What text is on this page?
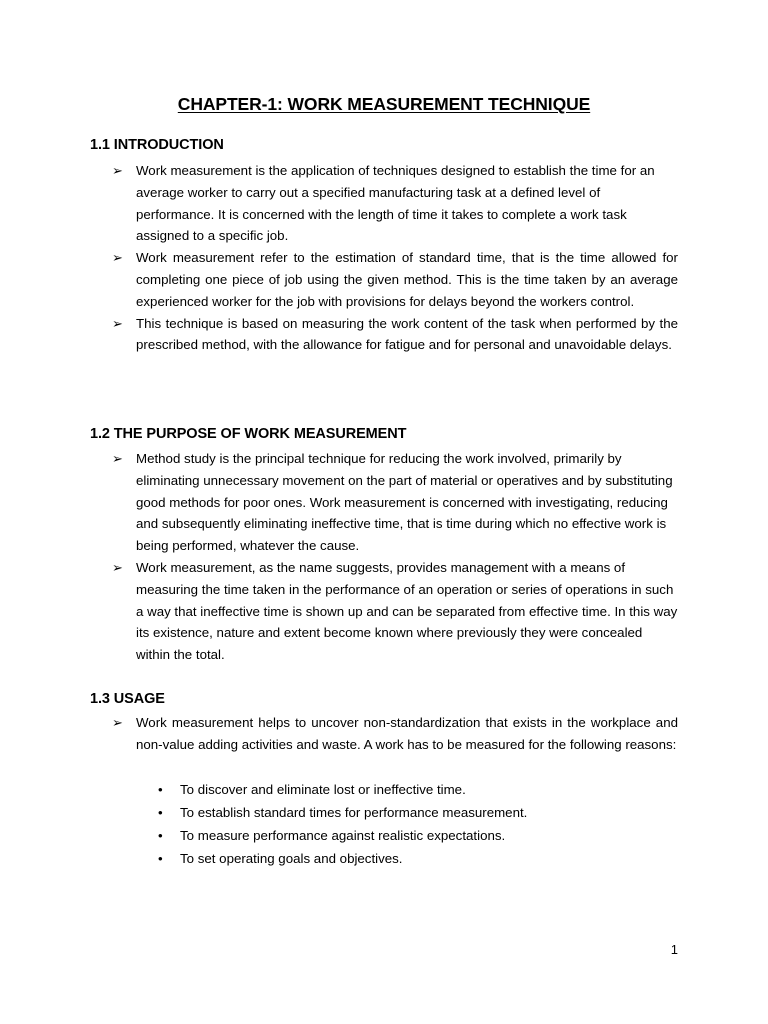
CHAPTER-1: WORK MEASUREMENT TECHNIQUE
1.1 INTRODUCTION
➢ Work measurement is the application of techniques designed to establish the time for an average worker to carry out a specified manufacturing task at a defined level of performance. It is concerned with the length of time it takes to complete a work task assigned to a specific job.
➢ Work measurement refer to the estimation of standard time, that is the time allowed for completing one piece of job using the given method. This is the time taken by an average experienced worker for the job with provisions for delays beyond the workers control.
➢ This technique is based on measuring the work content of the task when performed by the prescribed method, with the allowance for fatigue and for personal and unavoidable delays.
1.2 THE PURPOSE OF WORK MEASUREMENT
➢ Method study is the principal technique for reducing the work involved, primarily by eliminating unnecessary movement on the part of material or operatives and by substituting good methods for poor ones. Work measurement is concerned with investigating, reducing and subsequently eliminating ineffective time, that is time during which no effective work is being performed, whatever the cause.
➢ Work measurement, as the name suggests, provides management with a means of measuring the time taken in the performance of an operation or series of operations in such a way that ineffective time is shown up and can be separated from effective time. In this way its existence, nature and extent become known where previously they were concealed within the total.
1.3 USAGE
➢ Work measurement helps to uncover non-standardization that exists in the workplace and non-value adding activities and waste. A work has to be measured for the following reasons:
• To discover and eliminate lost or ineffective time.
• To establish standard times for performance measurement.
• To measure performance against realistic expectations.
• To set operating goals and objectives.
1
